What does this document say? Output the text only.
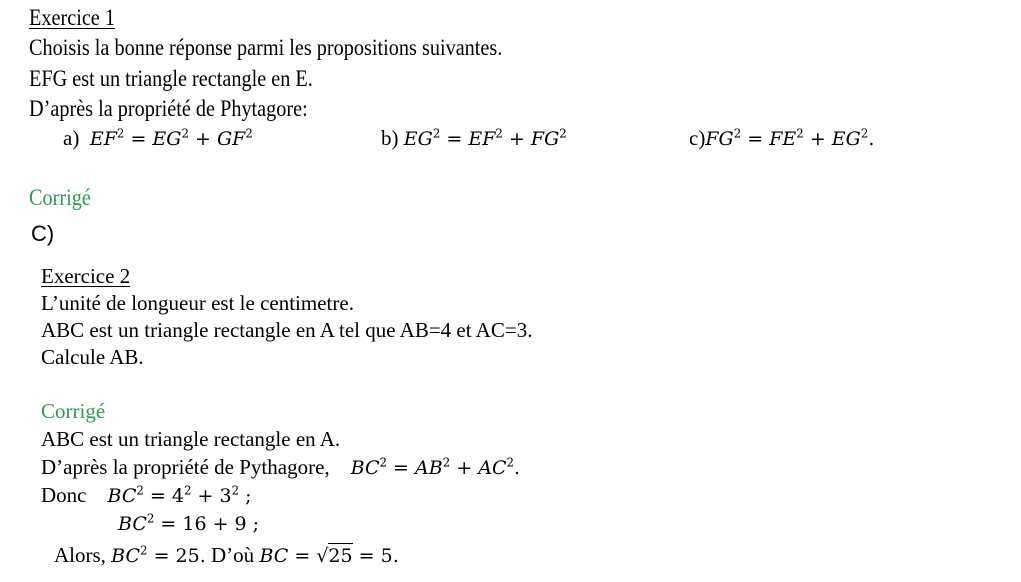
Exercice 1
Choisis la bonne réponse parmi les propositions suivantes.
EFG est un triangle rectangle en E.
D’après la propriété de Phytagore:
a) $EF^2 = EG^2 + GF^2$	b) $EG^2 = EF^2 + FG^2$	$c)FG^2 = FE^2 + EG^2$.
Corrigé
C)
Exercice 2
L’unité de longueur est le centimetre.
ABC est un triangle rectangle en A tel que AB=4 et AC=3.
Calcule AB.
Corrigé
ABC est un triangle rectangle en A.
D’après la propriété de Pythagore, $BC^2 = AB^2 + AC^2$.
Donc $BC^2 = 4^2 + 3^2$ ;
$BC^2 = 16 + 9$ ;
Alors, $BC^2 = 25$. D’où BC = √25 = 5.
